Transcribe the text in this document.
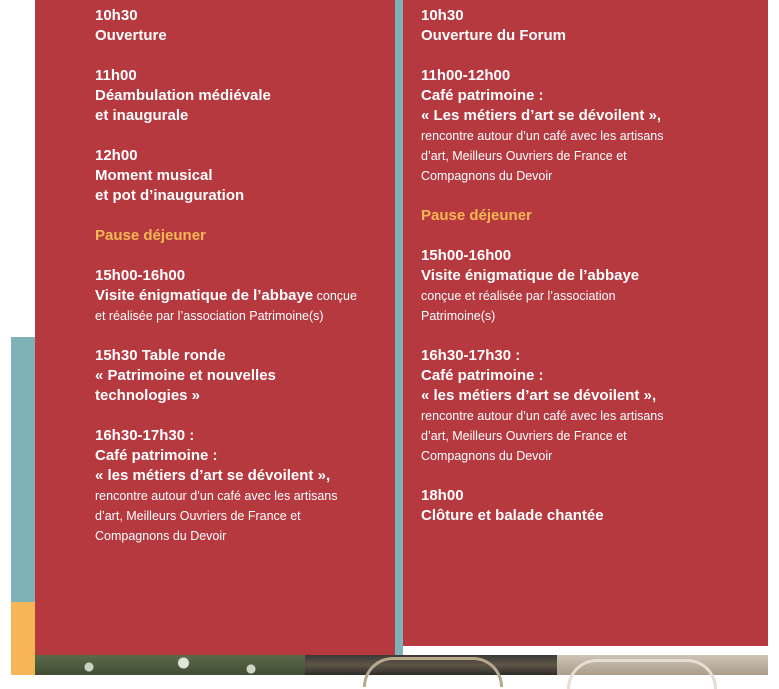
10h30
Ouverture
11h00
Déambulation médiévale
et inaugurale
12h00
Moment musical
et pot d’inauguration
Pause déjeuner
15h00-16h00
Visite énigmatique de l’abbaye conçue
et réalisée par l’association Patrimoine(s)
15h30 Table ronde
« Patrimoine et nouvelles
technologies »
16h30-17h30 :
Café patrimoine :
« les métiers d’art se dévoilent »,
rencontre autour d’un café avec les artisans
d’art, Meilleurs Ouvriers de France et
Compagnons du Devoir
10h30
Ouverture du Forum
11h00-12h00
Café patrimoine :
« Les métiers d’art se dévoilent »,
rencontre autour d’un café avec les artisans
d’art, Meilleurs Ouvriers de France et
Compagnons du Devoir
Pause déjeuner
15h00-16h00
Visite énigmatique de l’abbaye
conçue et réalisée par l’association
Patrimoine(s)
16h30-17h30 :
Café patrimoine :
« les métiers d’art se dévoilent »,
rencontre autour d’un café avec les artisans
d’art, Meilleurs Ouvriers de France et
Compagnons du Devoir
18h00
Clôture et balade chantée
